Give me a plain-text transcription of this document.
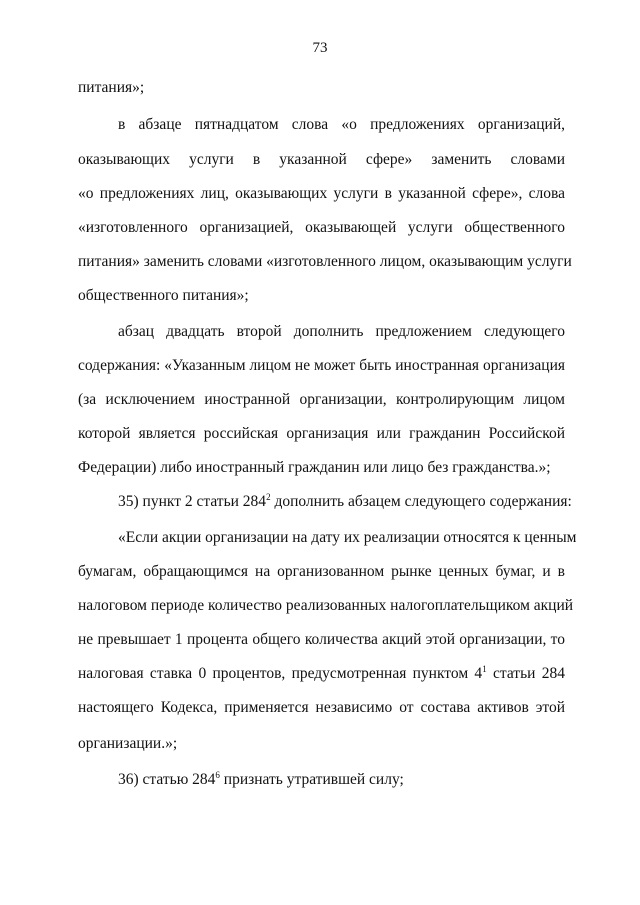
73
питания»;
в абзаце пятнадцатом слова «о предложениях организаций,
оказывающих услуги в указанной сфере» заменить словами
«о предложениях лиц, оказывающих услуги в указанной сфере», слова
«изготовленного организацией, оказывающей услуги общественного
питания» заменить словами «изготовленного лицом, оказывающим услуги
общественного питания»;
абзац двадцать второй дополнить предложением следующего
содержания: «Указанным лицом не может быть иностранная организация
(за исключением иностранной организации, контролирующим лицом
которой является российская организация или гражданин Российской
Федерации) либо иностранный гражданин или лицо без гражданства.»;
35) пункт 2 статьи $284^2$ дополнить абзацем следующего содержания:
«Если акции организации на дату их реализации относятся к ценным
бумагам, обращающимся на организованном рынке ценных бумаг, и в
налоговом периоде количество реализованных налогоплательщиком акций
не превышает 1 процента общего количества акций этой организации, то
налоговая ставка 0 процентов, предусмотренная пунктом $4^1$ статьи 284
настоящего Кодекса, применяется независимо от состава активов этой
организации.»;
36) статью $284^6$ признать утратившей силу;
